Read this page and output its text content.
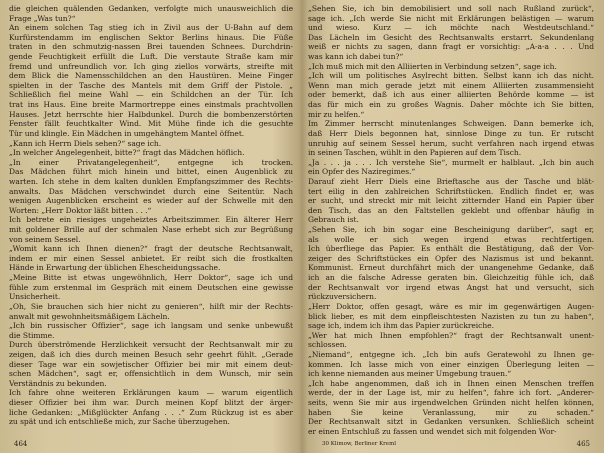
die gleichen quälenden Gedanken, verfolgte mich unausweichlich die
Frage „Was tun?“
An einem solchen Tag stieg ich in Zivil aus der U-Bahn auf dem
Kurfürstendamm im englischen Sektor Berlins hinaus. Die Füße
traten in den schmutzig-nassen Brei tauenden Schnees. Durchdrin-
gende Feuchtigkeit erfüllt die Luft. Die verstaute Straße kam mir
fremd und unfreundlich vor. Ich ging ziellos vorwärts, streifte mit
dem Blick die Namensschildchen an den Haustüren. Meine Finger
spielten in der Tasche des Mantels mit dem Griff der Pistole. „
Schließlich fiel meine Wahl — ein Schildchen an der Tür. Ich
trat ins Haus. Eine breite Marmortreppe eines einstmals prachtvollen
Hauses. Jetzt herrschte hier Halbdunkel. Durch die bombenzerstörten
Fenster fällt feuchtkalter Wind. Mit Mühe finde ich die gesuchte
Tür und klingle. Ein Mädchen in umgehängtem Mantel öffnet.
„Kann ich Herrn Diels sehen?“ sage ich.
„In welcher Angelegenheit, bitte?“ fragt das Mädchen höflich.
„In einer Privatangelegenheit“, entgegne ich trocken.
Das Mädchen führt mich hinein und bittet, einen Augenblick zu
warten. Ich stehe in dem kalten dunklen Empfangszimmer des Rechts-
anwalts. Das Mädchen verschwindet durch eine Seitentür. Nach
wenigen Augenblicken erscheint es wieder auf der Schwelle mit den
Worten: „Herr Doktor läßt bitten . . .“
Ich betrete ein riesiges ungeheiztes Arbeitszimmer. Ein älterer Herr
mit goldener Brille auf der schmalen Nase erhebt sich zur Begrüßung
von seinem Sessel.
„Womit kann ich Ihnen dienen?“ fragt der deutsche Rechtsanwalt,
indem er mir einen Sessel anbietet. Er reibt sich die frostkalten
Hände in Erwartung der üblichen Ehescheidungssache.
„Meine Bitte ist etwas ungewöhnlich, Herr Doktor“, sage ich und
fühle zum erstenmal im Gespräch mit einem Deutschen eine gewisse
Unsicherheit.
„Oh, Sie brauchen sich hier nicht zu genieren“, hilft mir der Rechts-
anwalt mit gewohnheitsmäßigem Lächeln.
„Ich bin russischer Offizier“, sage ich langsam und senke unbewußt
die Stimme.
Durch überströmende Herzlichkeit versucht der Rechtsanwalt mir zu
zeigen, daß ich dies durch meinen Besuch sehr geehrt fühlt. „Gerade
dieser Tage war ein sowjetischer Offizier bei mir mit einem deut-
schen Mädchen“, sagt er, offensichtlich in dem Wunsch, mir sein
Verständnis zu bekunden.
Ich fahre ohne weiteren Erklärungen kaum — warum eigentlich
dieser Offizier bei ihm war. Durch meinen Kopf blitzt der ärger-
liche Gedanken: „Mißglückter Anfang . . .“ Zum Rückzug ist es aber
zu spät und ich entschließe mich, zur Sache überzugehen.
464
„Sehen Sie, ich bin demobilisiert und soll nach Rußland zurück“,
sage ich. „Ich werde Sie nicht mit Erklärungen belästigen — warum
und wieso. Kurz — ich möchte nach Westdeutschland.“
Das Lächeln im Gesicht des Rechtsanwalts erstarrt. Sekundenlang
weiß er nichts zu sagen, dann fragt er vorsichtig: „A-a-a . . . Und
was kann ich dabei tun?“
„Ich muß mich mit den Alliierten in Verbindung setzen“, sage ich.
„Ich will um politisches Asylrecht bitten. Selbst kann ich das nicht.
Wenn man mich gerade jetzt mit einem Alliierten zusammensieht
oder bemerkt, daß ich aus einer alliierten Behörde komme — ist
das für mich ein zu großes Wagnis. Daher möchte ich Sie bitten,
mir zu helfen.“
Im Zimmer herrscht minutenlanges Schweigen. Dann bemerke ich,
daß Herr Diels begonnen hat, sinnlose Dinge zu tun. Er rutscht
unruhig auf seinem Sessel herum, sucht verfahren nach irgend etwas
in seinen Taschen, wühlt in den Papieren auf dem Tisch.
„Ja . . . ja . . . Ich verstehe Sie“, murmelt er halblaut. „Ich bin auch
ein Opfer des Naziregimes.“
Darauf zieht Herr Diels eine Brieftasche aus der Tasche und blät-
tert eilig in den zahlreichen Schriftstücken. Endlich findet er, was
er sucht, und streckt mir mit leicht zitternder Hand ein Papier über
den Tisch, das an den Faltstellen geklebt und offenbar häufig in
Gebrauch ist.
„Sehen Sie, ich bin sogar eine Bescheinigung darüber“, sagt er,
als wolle er sich wegen irgend etwas rechtfertigen.
Ich überfliege das Papier. Es enthält die Bestätigung, daß der Vor-
zeiger des Schriftstückes ein Opfer des Nazismus ist und bekannt.
Kommunist. Erneut durchfährt mich der unangenehme Gedanke, daß
ich an die falsche Adresse geraten bin. Gleichzeitig fühle ich, daß
der Rechtsanwalt vor irgend etwas Angst hat und versucht, sich
rückzuversichern.
„Herr Doktor, offen gesagt, wäre es mir im gegenwärtigen Augen-
blick lieber, es mit dem einpfleischtesten Nazisten zu tun zu haben“,
sage ich, indem ich ihm das Papier zurückreiche.
„Wer hat mich Ihnen empfohlen?“ fragt der Rechtsanwalt unent-
schlossen.
„Niemand“, entgegne ich. „Ich bin aufs Geratewohl zu Ihnen ge-
kommen. Ich lasse mich von einer einzigen Überlegung leiten —
ich kenne niemanden aus meiner Umgebung trauen.“
„Ich habe angenommen, daß ich in Ihnen einen Menschen treffen
werde, der in der Lage ist, mir zu helfen“, fahre ich fort. „Anderer-
seits, wenn Sie mir aus irgendwelchen Gründen nicht helfen können,
haben Sie keine Veranlassung, mir zu schaden.“
Der Rechtsanwalt sitzt in Gedanken versunken. Schließlich scheint
er einen Entschluß zu fassen und wendet sich mit folgenden Wor-
30 Klimow, Berliner Kreml	465
